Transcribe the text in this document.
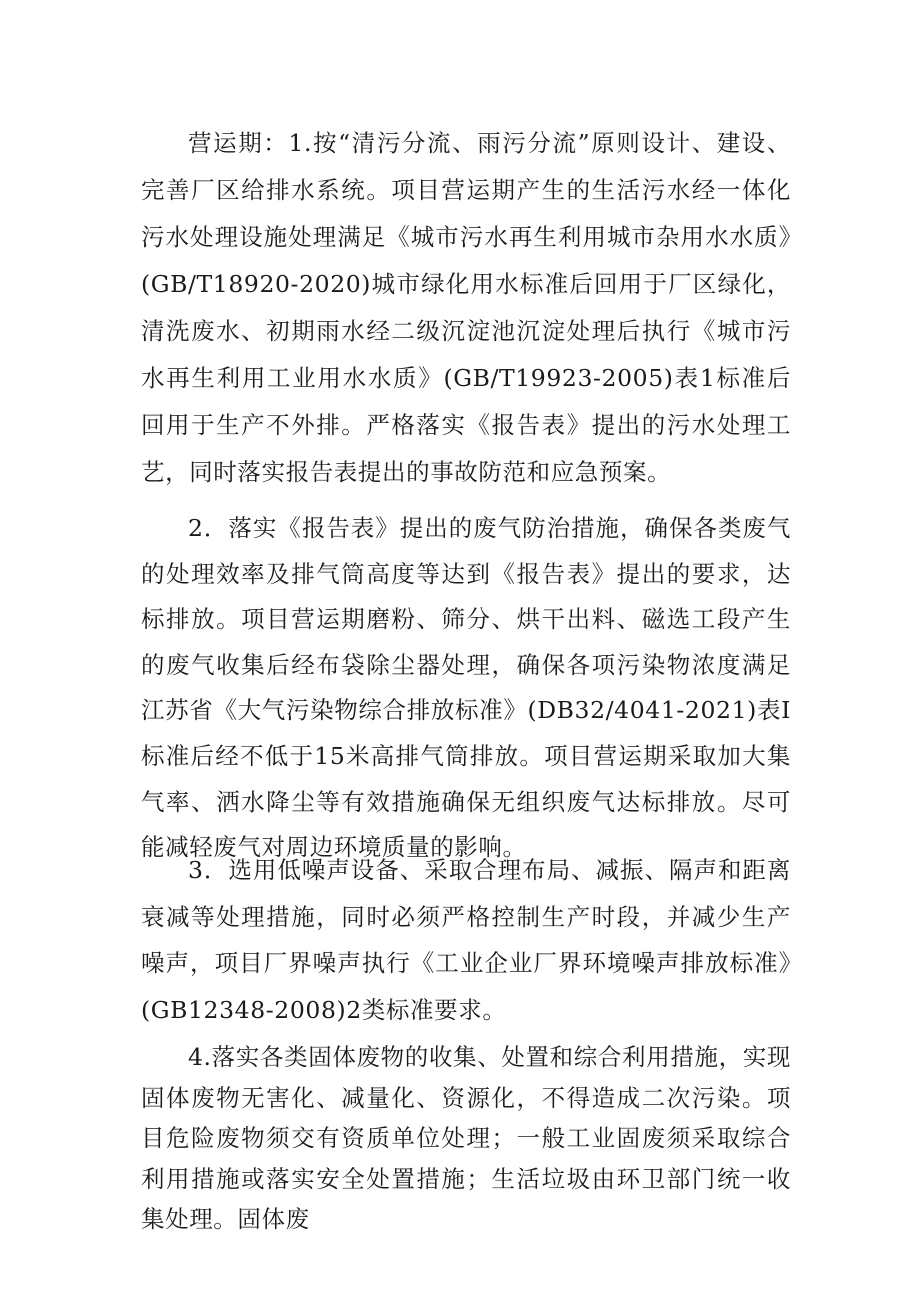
营运期：1.按“清污分流、雨污分流”原则设计、建设、完善厂区给排水系统。项目营运期产生的生活污水经一体化污水处理设施处理满足《城市污水再生利用城市杂用水水质》(GB/T18920-2020)城市绿化用水标准后回用于厂区绿化，清洗废水、初期雨水经二级沉淀池沉淀处理后执行《城市污水再生利用工业用水水质》(GB/T19923-2005)表1标准后回用于生产不外排。严格落实《报告表》提出的污水处理工艺，同时落实报告表提出的事故防范和应急预案。

2．落实《报告表》提出的废气防治措施，确保各类废气的处理效率及排气筒高度等达到《报告表》提出的要求，达标排放。项目营运期磨粉、筛分、烘干出料、磁选工段产生的废气收集后经布袋除尘器处理，确保各项污染物浓度满足江苏省《大气污染物综合排放标准》(DB32/4041-2021)表I标准后经不低于15米高排气筒排放。项目营运期采取加大集气率、洒水降尘等有效措施确保无组织废气达标排放。尽可能减轻废气对周边环境质量的影响。

3．选用低噪声设备、采取合理布局、减振、隔声和距离衰减等处理措施，同时必须严格控制生产时段，并减少生产噪声，项目厂界噪声执行《工业企业厂界环境噪声排放标准》(GB12348-2008)2类标准要求。

4.落实各类固体废物的收集、处置和综合利用措施，实现固体废物无害化、减量化、资源化，不得造成二次污染。项目危险废物须交有资质单位处理；一般工业固废须采取综合利用措施或落实安全处置措施；生活垃圾由环卫部门统一收集处理。固体废
